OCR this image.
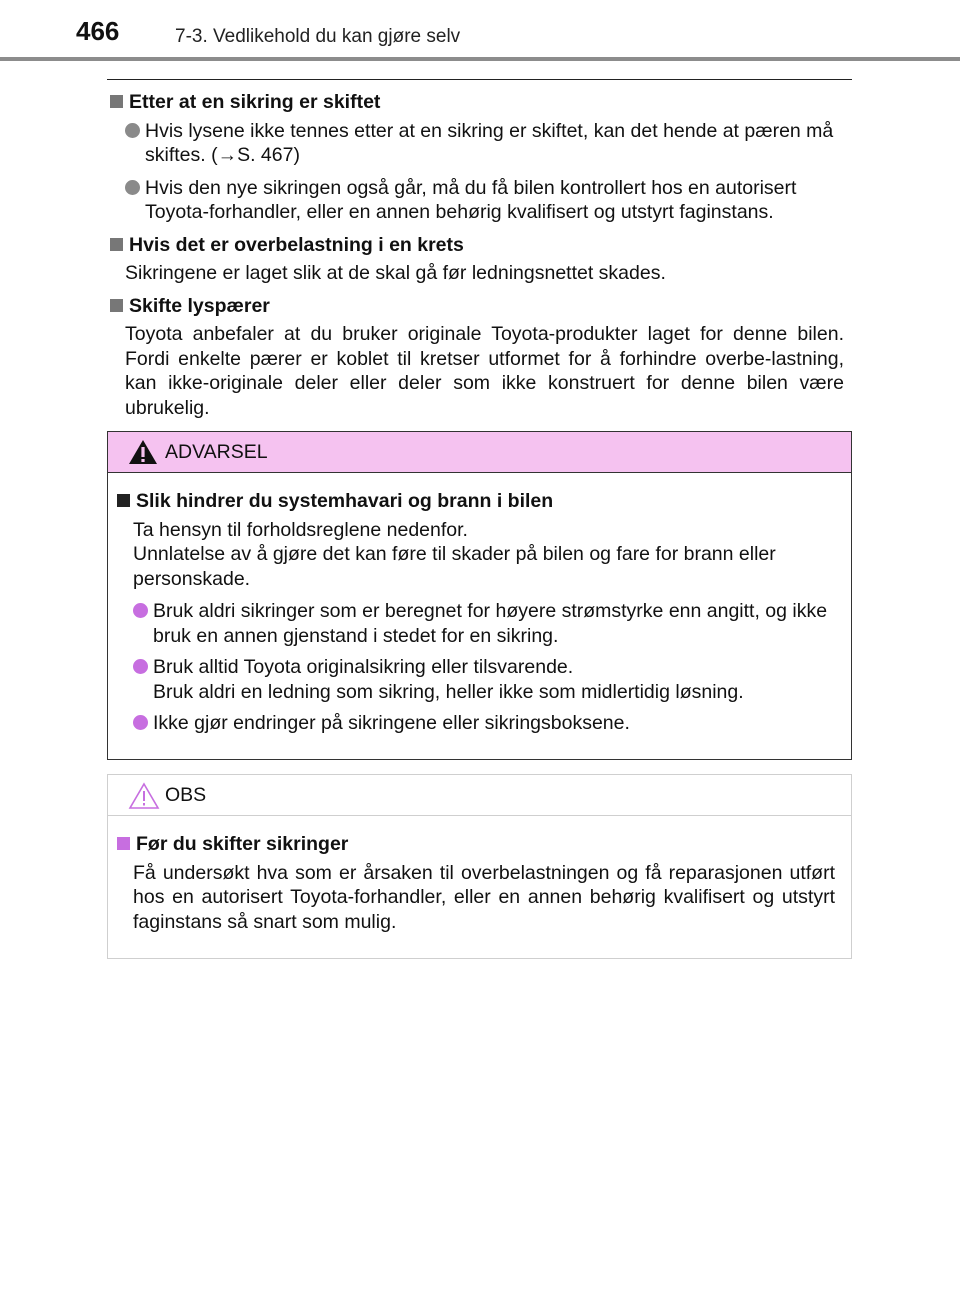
466	7-3. Vedlikehold du kan gjøre selv
Etter at en sikring er skiftet
Hvis lysene ikke tennes etter at en sikring er skiftet, kan det hende at pæren må skiftes. (→S. 467)
Hvis den nye sikringen også går, må du få bilen kontrollert hos en autorisert Toyota-forhandler, eller en annen behørig kvalifisert og utstyrt faginstans.
Hvis det er overbelastning i en krets
Sikringene er laget slik at de skal gå før ledningsnettet skades.
Skifte lyspærer
Toyota anbefaler at du bruker originale Toyota-produkter laget for denne bilen. Fordi enkelte pærer er koblet til kretser utformet for å forhindre overbe-lastning, kan ikke-originale deler eller deler som ikke konstruert for denne bilen være ubrukelig.
ADVARSEL
Slik hindrer du systemhavari og brann i bilen
Ta hensyn til forholdsreglene nedenfor.
Unnlatelse av å gjøre det kan føre til skader på bilen og fare for brann eller personskade.
Bruk aldri sikringer som er beregnet for høyere strømstyrke enn angitt, og ikke bruk en annen gjenstand i stedet for en sikring.
Bruk alltid Toyota originalsikring eller tilsvarende.
Bruk aldri en ledning som sikring, heller ikke som midlertidig løsning.
Ikke gjør endringer på sikringene eller sikringsboksene.
OBS
Før du skifter sikringer
Få undersøkt hva som er årsaken til overbelastningen og få reparasjonen utført hos en autorisert Toyota-forhandler, eller en annen behørig kvalifisert og utstyrt faginstans så snart som mulig.
